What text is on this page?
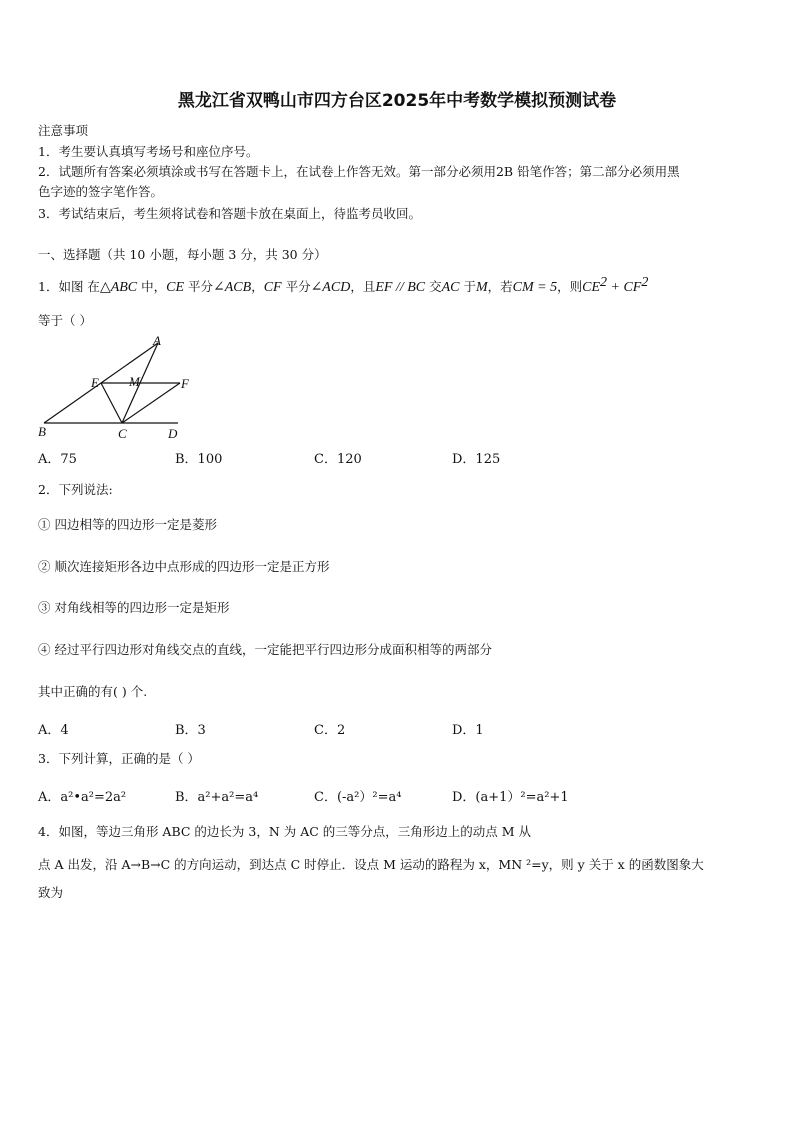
黑龙江省双鸭山市四方台区2025年中考数学模拟预测试卷
注意事项
1．考生要认真填写考场号和座位序号。
2．试题所有答案必须填涂或书写在答题卡上，在试卷上作答无效。第一部分必须用2B 铅笔作答；第二部分必须用黑
色字迹的签字笔作答。
3．考试结束后，考生须将试卷和答题卡放在桌面上，待监考员收回。
一、选择题（共 10 小题，每小题 3 分，共 30 分）
1．如图 在△ABC 中，CE 平分∠ACB，CF 平分∠ACD，且EF // BC 交AC 于M，若CM = 5，则$CE^2 + CF^2$
等于（ ）
A
E M	F
B	C	D
A．75	B．100	C．120	D．125
2．下列说法:
① 四边相等的四边形一定是菱形
② 顺次连接矩形各边中点形成的四边形一定是正方形
③ 对角线相等的四边形一定是矩形
④ 经过平行四边形对角线交点的直线，一定能把平行四边形分成面积相等的两部分
其中正确的有( ) 个.
A．4	B．3	C．2	D．1
3．下列计算，正确的是（ ）
A．a²•a²=2a²	B．a²+a²=a⁴	C．(-a²）²=a⁴	D．(a+1）²=a²+1
4．如图，等边三角形 ABC 的边长为 3，N 为 AC 的三等分点，三角形边上的动点 M 从
点 A 出发，沿 A→B→C 的方向运动，到达点 C 时停止．设点 M 运动的路程为 x，MN ²=y，则 y 关于 x 的函数图象大
致为
